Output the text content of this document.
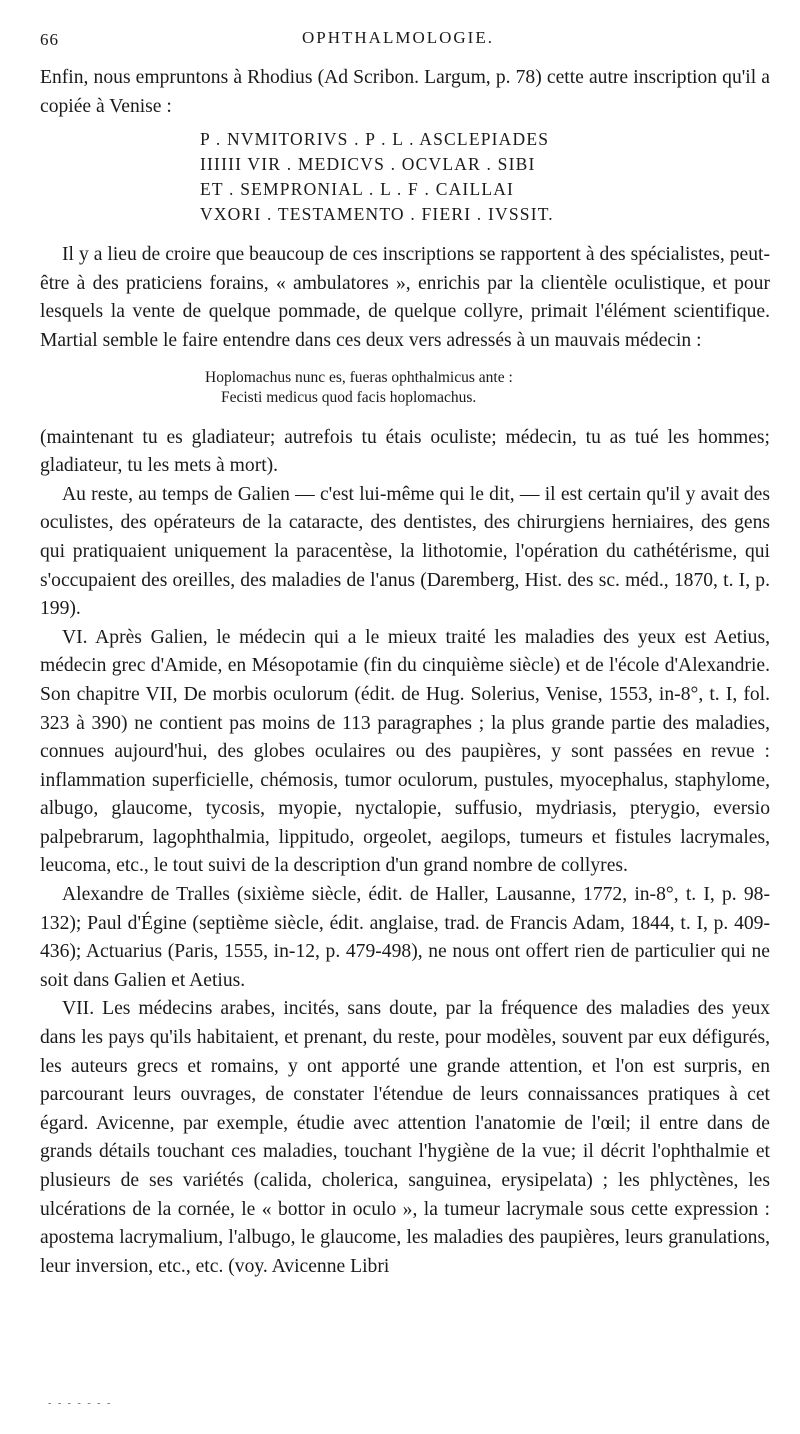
66	OPHTHALMOLOGIE.

Enfin, nous empruntons à Rhodius (Ad Scribon. Largum, p. 78) cette autre inscription qu'il a copiée à Venise :

P . NVMITORIVS . P . L . ASCLEPIADES
IIIIII VIR . MEDICVS . OCVLAR . SIBI
ET . SEMPRONIAL . L . F . CAILLAI
VXORI . TESTAMENTO . FIERI . IVSSIT.

Il y a lieu de croire que beaucoup de ces inscriptions se rapportent à des spécialistes, peut-être à des praticiens forains, « ambulatores », enrichis par la clientèle oculistique, et pour lesquels la vente de quelque pommade, de quelque collyre, primait l'élément scientifique. Martial semble le faire entendre dans ces deux vers adressés à un mauvais médecin :

Hoplomachus nunc es, fueras ophthalmicus ante :
Fecisti medicus quod facis hoplomachus.

(maintenant tu es gladiateur; autrefois tu étais oculiste; médecin, tu as tué les hommes; gladiateur, tu les mets à mort).

Au reste, au temps de Galien — c'est lui-même qui le dit, — il est certain qu'il y avait des oculistes, des opérateurs de la cataracte, des dentistes, des chirurgiens herniaires, des gens qui pratiquaient uniquement la paracentèse, la lithotomie, l'opération du cathétérisme, qui s'occupaient des oreilles, des maladies de l'anus (Daremberg, Hist. des sc. méd., 1870, t. I, p. 199).

VI. Après Galien, le médecin qui a le mieux traité les maladies des yeux est Aetius, médecin grec d'Amide, en Mésopotamie (fin du cinquième siècle) et de l'école d'Alexandrie. Son chapitre VII, De morbis oculorum (édit. de Hug. Solerius, Venise, 1553, in-8°, t. I, fol. 323 à 390) ne contient pas moins de 113 paragraphes ; la plus grande partie des maladies, connues aujourd'hui, des globes oculaires ou des paupières, y sont passées en revue : inflammation superficielle, chémosis, tumor oculorum, pustules, myocephalus, staphylome, albugo, glaucome, tycosis, myopie, nyctalopie, suffusio, mydriasis, pterygio, eversio palpebrarum, lagophthalmia, lippitudo, orgeolet, aegilops, tumeurs et fistules lacrymales, leucoma, etc., le tout suivi de la description d'un grand nombre de collyres.

Alexandre de Tralles (sixième siècle, édit. de Haller, Lausanne, 1772, in-8°, t. I, p. 98-132); Paul d'Égine (septième siècle, édit. anglaise, trad. de Francis Adam, 1844, t. I, p. 409-436); Actuarius (Paris, 1555, in-12, p. 479-498), ne nous ont offert rien de particulier qui ne soit dans Galien et Aetius.

VII. Les médecins arabes, incités, sans doute, par la fréquence des maladies des yeux dans les pays qu'ils habitaient, et prenant, du reste, pour modèles, souvent par eux défigurés, les auteurs grecs et romains, y ont apporté une grande attention, et l'on est surpris, en parcourant leurs ouvrages, de constater l'étendue de leurs connaissances pratiques à cet égard. Avicenne, par exemple, étudie avec attention l'anatomie de l'œil; il entre dans de grands détails touchant ces maladies, touchant l'hygiène de la vue; il décrit l'ophthalmie et plusieurs de ses variétés (calida, cholerica, sanguinea, erysipelata) ; les phlyctènes, les ulcérations de la cornée, le « bottor in oculo », la tumeur lacrymale sous cette expression : apostema lacrymalium, l'albugo, le glaucome, les maladies des paupières, leurs granulations, leur inversion, etc., etc. (voy. Avicenne Libri

- - - - - - -
